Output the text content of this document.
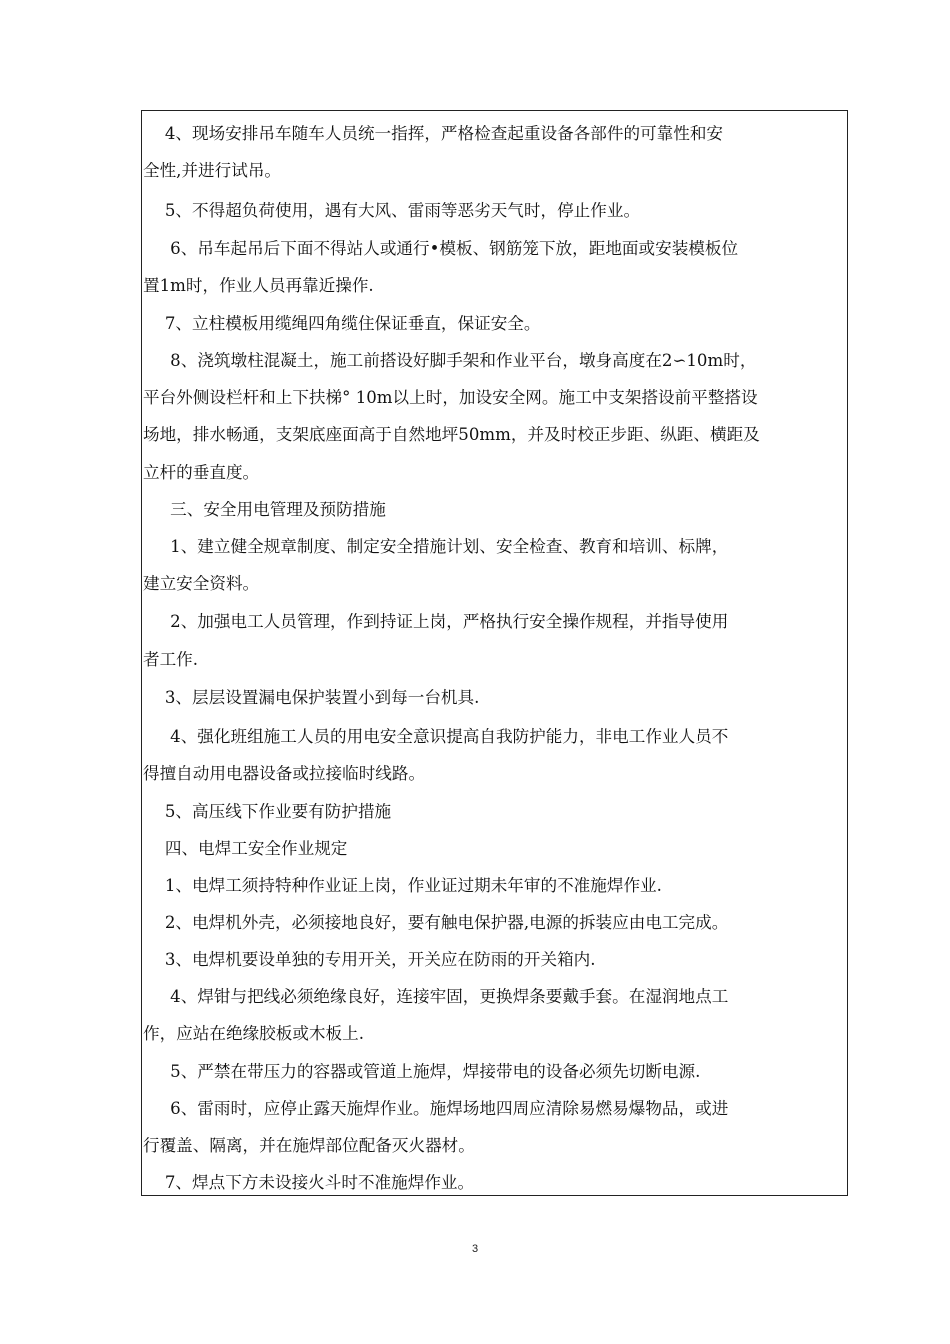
　 4、现场安排吊车随车人员统一指挥，严格检查起重设备各部件的可靠性和安
全性,并进行试吊。
　 5、不得超负荷使用，遇有大风、雷雨等恶劣天气时，停止作业。
　  6、吊车起吊后下面不得站人或通行•模板、钢筋笼下放，距地面或安装模板位
置1m时，作业人员再靠近操作.
　 7、立柱模板用缆绳四角缆住保证垂直，保证安全。
　  8、浇筑墩柱混凝土，施工前搭设好脚手架和作业平台，墩身高度在2∽10m时，
平台外侧设栏杆和上下扶梯° 10m以上时，加设安全网。施工中支架搭设前平整搭设
场地，排水畅通，支架底座面高于自然地坪50mm，并及时校正步距、纵距、横距及
立杆的垂直度。
　  三、安全用电管理及预防措施
　  1、建立健全规章制度、制定安全措施计划、安全检查、教育和培训、标牌，
建立安全资料。
　  2、加强电工人员管理，作到持证上岗，严格执行安全操作规程，并指导使用
者工作.
　 3、层层设置漏电保护装置小到每一台机具.
　  4、强化班组施工人员的用电安全意识提高自我防护能力，非电工作业人员不
得擅自动用电器设备或拉接临时线路。
　 5、高压线下作业要有防护措施
　 四、电焊工安全作业规定
　 1、电焊工须持特种作业证上岗，作业证过期未年审的不准施焊作业.
　 2、电焊机外壳，必须接地良好，要有触电保护器,电源的拆装应由电工完成。
　 3、电焊机要设单独的专用开关，开关应在防雨的开关箱内.
　  4、焊钳与把线必须绝缘良好，连接牢固，更换焊条要戴手套。在湿润地点工
作，应站在绝缘胶板或木板上.
　  5、严禁在带压力的容器或管道上施焊，焊接带电的设备必须先切断电源.
　  6、雷雨时，应停止露天施焊作业。施焊场地四周应清除易燃易爆物品，或进
行覆盖、隔离，并在施焊部位配备灭火器材。
　 7、焊点下方未设接火斗时不准施焊作业。
3
